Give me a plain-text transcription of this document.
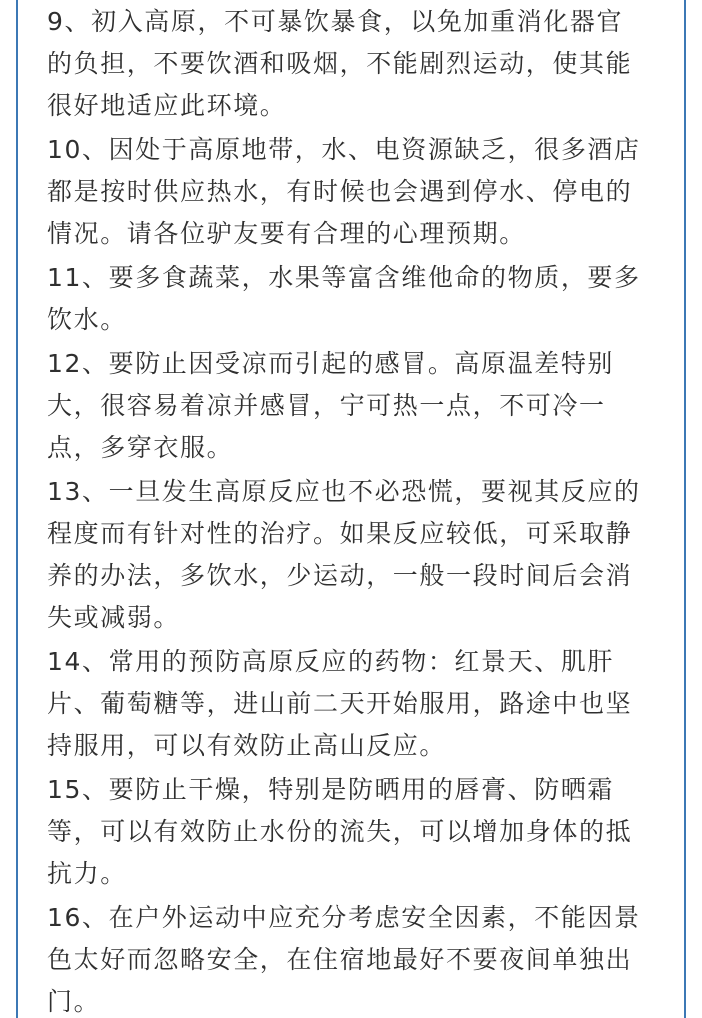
9、初入高原，不可暴饮暴食，以免加重消化器官
的负担，不要饮酒和吸烟，不能剧烈运动，使其能
很好地适应此环境。
10、因处于高原地带，水、电资源缺乏，很多酒店
都是按时供应热水，有时候也会遇到停水、停电的
情况。请各位驴友要有合理的心理预期。
11、要多食蔬菜，水果等富含维他命的物质，要多
饮水。
12、要防止因受凉而引起的感冒。高原温差特别
大，很容易着凉并感冒，宁可热一点，不可冷一
点，多穿衣服。
13、一旦发生高原反应也不必恐慌，要视其反应的
程度而有针对性的治疗。如果反应较低，可采取静
养的办法，多饮水，少运动，一般一段时间后会消
失或减弱。
14、常用的预防高原反应的药物：红景天、肌肝
片、葡萄糖等，进山前二天开始服用，路途中也坚
持服用，可以有效防止高山反应。
15、要防止干燥，特别是防晒用的唇膏、防晒霜
等，可以有效防止水份的流失，可以增加身体的抵
抗力。
16、在户外运动中应充分考虑安全因素，不能因景
色太好而忽略安全，在住宿地最好不要夜间单独出
门。
